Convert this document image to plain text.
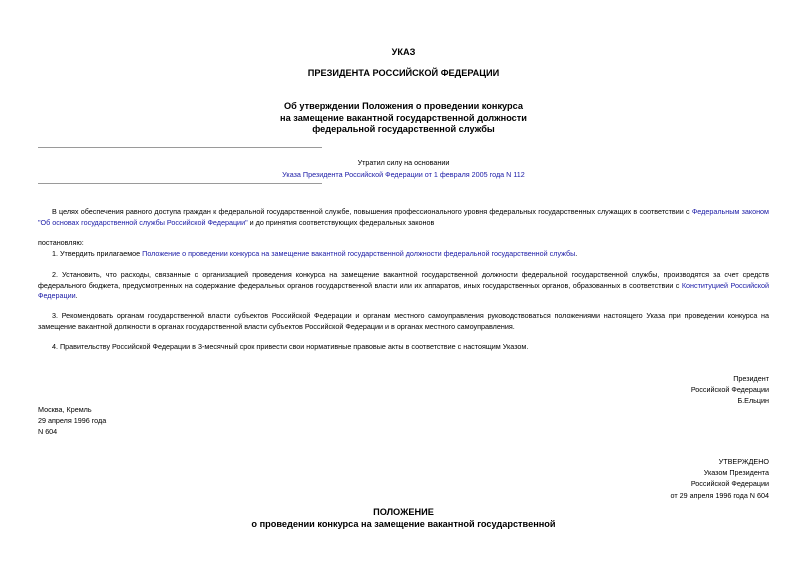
УКАЗ
ПРЕЗИДЕНТА РОССИЙСКОЙ ФЕДЕРАЦИИ
Об утверждении Положения о проведении конкурса
на замещение вакантной государственной должности
федеральной государственной службы
Утратил силу на основании
Указа Президента Российской Федерации от 1 февраля 2005 года N 112
В целях обеспечения равного доступа граждан к федеральной государственной службе, повышения профессионального уровня федеральных государственных служащих в соответствии с Федеральным законом "Об основах государственной службы Российской Федерации" и до принятия соответствующих федеральных законов
постановляю:
1. Утвердить прилагаемое Положение о проведении конкурса на замещение вакантной государственной должности федеральной государственной службы.
2. Установить, что расходы, связанные с организацией проведения конкурса на замещение вакантной государственной должности федеральной государственной службы, производятся за счет средств федерального бюджета, предусмотренных на содержание федеральных органов государственной власти или их аппаратов, иных государственных органов, образованных в соответствии с Конституцией Российской Федерации.
3. Рекомендовать органам государственной власти субъектов Российской Федерации и органам местного самоуправления руководствоваться положениями настоящего Указа при проведении конкурса на замещение вакантной должности в органах государственной власти субъектов Российской Федерации и в органах местного самоуправления.
4. Правительству Российской Федерации в 3-месячный срок привести свои нормативные правовые акты в соответствие с настоящим Указом.
Президент
Российской Федерации
Б.Ельцин
Москва, Кремль
29 апреля 1996 года
N 604
УТВЕРЖДЕНО
Указом Президента
Российской Федерации
от 29 апреля 1996 года N 604
ПОЛОЖЕНИЕ
о проведении конкурса на замещение вакантной государственной
